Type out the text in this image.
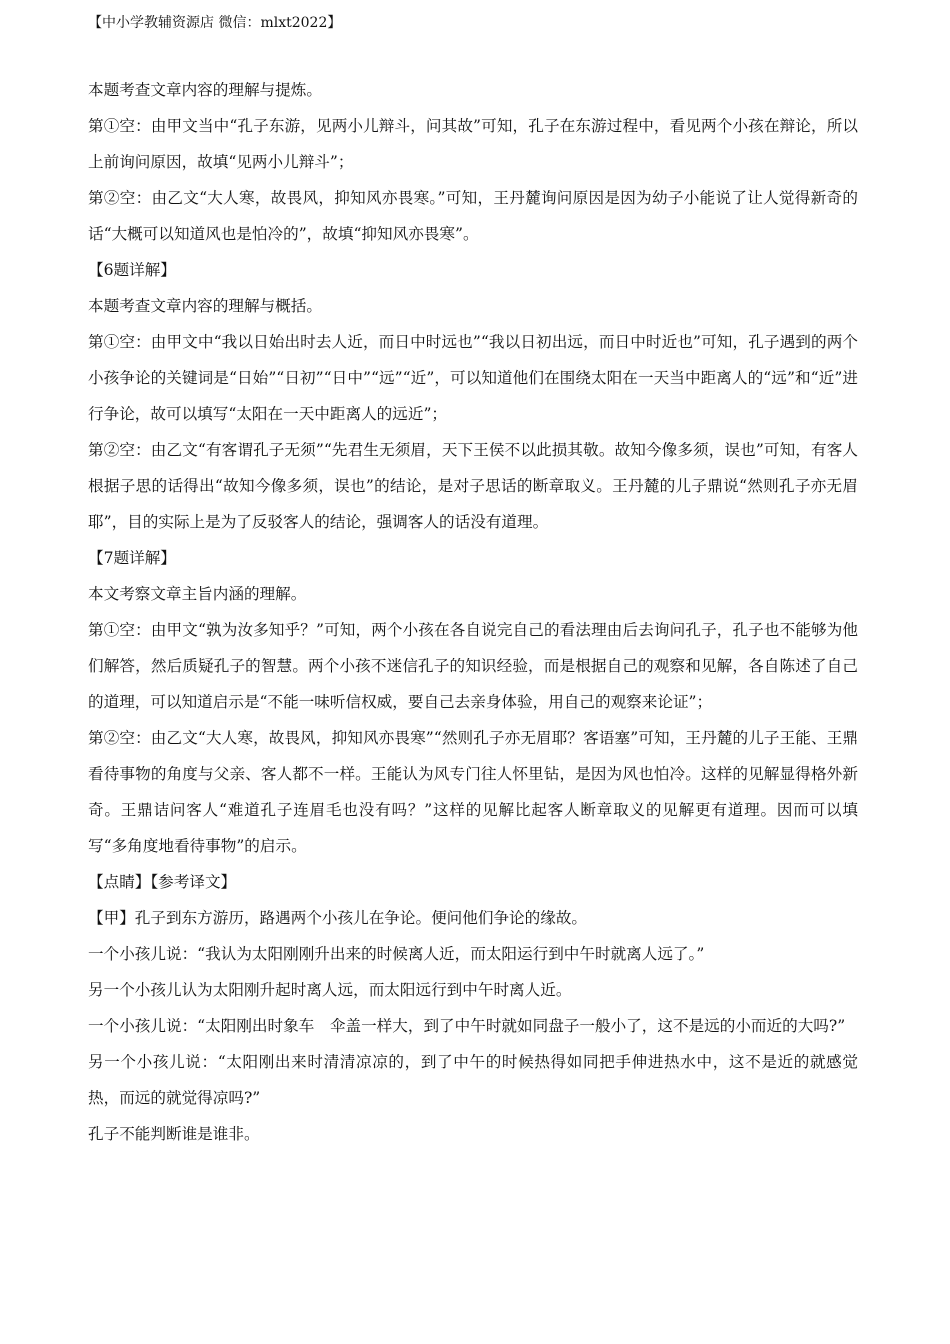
【中小学教辅资源店 微信：mlxt2022】

本题考查文章内容的理解与提炼。

第①空：由甲文当中“孔子东游，见两小儿辩斗，问其故”可知，孔子在东游过程中，看见两个小孩在辩论，所以上前询问原因，故填“见两小儿辩斗”；

第②空：由乙文“大人寒，故畏风，抑知风亦畏寒。”可知，王丹麓询问原因是因为幼子小能说了让人觉得新奇的话“大概可以知道风也是怕冷的”，故填“抑知风亦畏寒”。

【6题详解】

本题考查文章内容的理解与概括。

第①空：由甲文中“我以日始出时去人近，而日中时远也”“我以日初出远，而日中时近也”可知，孔子遇到的两个小孩争论的关键词是“日始”“日初”“日中”“远”“近”，可以知道他们在围绕太阳在一天当中距离人的“远”和“近”进行争论，故可以填写“太阳在一天中距离人的远近”；

第②空：由乙文“有客谓孔子无须”“先君生无须眉，天下王侯不以此损其敬。故知今像多须，误也”可知，有客人根据子思的话得出“故知今像多须，误也”的结论，是对子思话的断章取义。王丹麓的儿子鼎说“然则孔子亦无眉耶”，目的实际上是为了反驳客人的结论，强调客人的话没有道理。

【7题详解】

本文考察文章主旨内涵的理解。

第①空：由甲文“孰为汝多知乎？”可知，两个小孩在各自说完自己的看法理由后去询问孔子，孔子也不能够为他们解答，然后质疑孔子的智慧。两个小孩不迷信孔子的知识经验，而是根据自己的观察和见解，各自陈述了自己的道理，可以知道启示是“不能一味听信权威，要自己去亲身体验，用自己的观察来论证”；

第②空：由乙文“大人寒，故畏风，抑知风亦畏寒”“然则孔子亦无眉耶？客语塞”可知，王丹麓的儿子王能、王鼎看待事物的角度与父亲、客人都不一样。王能认为风专门往人怀里钻，是因为风也怕冷。这样的见解显得格外新奇。王鼎诘问客人“难道孔子连眉毛也没有吗？”这样的见解比起客人断章取义的见解更有道理。因而可以填写“多角度地看待事物”的启示。

【点睛】【参考译文】

【甲】孔子到东方游历，路遇两个小孩儿在争论。便问他们争论的缘故。

一个小孩儿说：“我认为太阳刚刚升出来的时候离人近，而太阳运行到中午时就离人远了。”

另一个小孩儿认为太阳刚升起时离人远，而太阳远行到中午时离人近。

一个小孩儿说：“太阳刚出时象车　伞盖一样大，到了中午时就如同盘子一般小了，这不是远的小而近的大吗?”

另一个小孩儿说：“太阳刚出来时清清凉凉的，到了中午的时候热得如同把手伸进热水中，这不是近的就感觉热，而远的就觉得凉吗?”

孔子不能判断谁是谁非。
